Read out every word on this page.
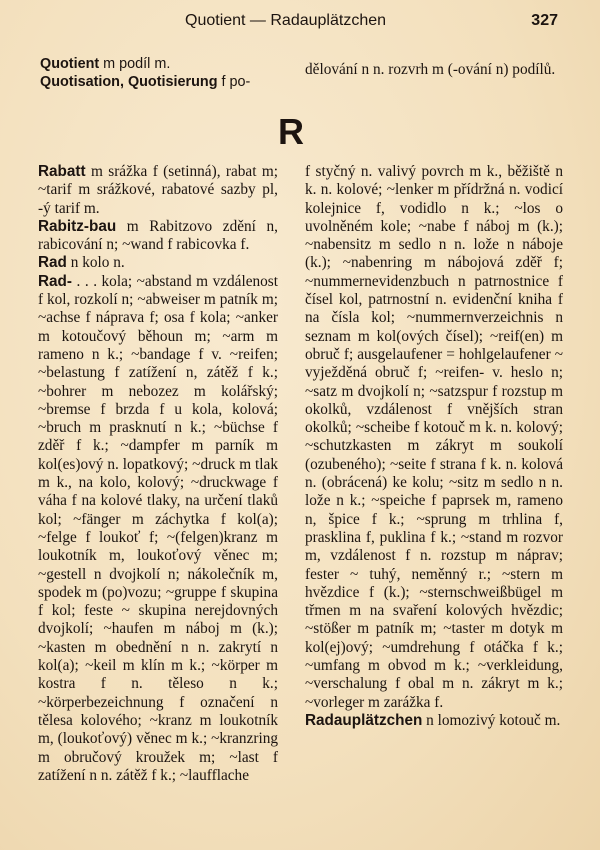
Quotient — Radauplätzchen	327

Quotient m podíl m.

Quotisation, Quotisierung f po-

dělování n n. rozvrh m (-ování n) podílů.

R

Rabatt m srážka f (setinná), rabat m; ~tarif m srážkové, rabatové sazby pl, -ý tarif m.

Rabitz-bau m Rabitzovo zdění n, rabicování n; ~wand f rabicovka f.

Rad n kolo n.

Rad- . . . kola; ~abstand m vzdálenost f kol, rozkolí n; ~abweiser m patník m; ~achse f náprava f; osa f kola; ~anker m kotoučový běhoun m; ~arm m rameno n k.; ~bandage f v. ~reifen; ~belastung f zatížení n, zátěž f k.; ~bohrer m nebozez m kolářský; ~bremse f brzda f u kola, kolová; ~bruch m prasknutí n k.; ~büchse f zděř f k.; ~dampfer m parník m kol(es)ový n. lopatkový; ~druck m tlak m k., na kolo, kolový; ~druckwage f váha f na kolové tlaky, na určení tlaků kol; ~fänger m záchytka f kol(a); ~felge f loukoť f; ~(felgen)kranz m loukotník m, loukoťový věnec m; ~gestell n dvojkolí n; nákolečník m, spodek m (po)vozu; ~gruppe f skupina f kol; feste ~ skupina nerejdovných dvojkolí; ~haufen m náboj m (k.); ~kasten m obednění n n. zakrytí n kol(a); ~keil m klín m k.; ~körper m kostra f n. těleso n k.; ~körperbezeichnung f označení n tělesa kolového; ~kranz m loukotník m, (loukoťový) věnec m k.; ~kranzring m obručový kroužek m; ~last f zatížení n n. zátěž f k.; ~laufflache

f styčný n. valivý povrch m k., běžiště n k. n. kolové; ~lenker m přídržná n. vodicí kolejnice f, vodidlo n k.; ~los o uvolněném kole; ~nabe f náboj m (k.); ~nabensitz m sedlo n n. lože n náboje (k.); ~nabenring m nábojová zděř f; ~nummernevidenzbuch n patrnostnice f čísel kol, patrnostní n. evidenční kniha f na čísla kol; ~nummernverzeichnis n seznam m kol(ových čísel); ~reif(en) m obruč f; ausgelaufener = hohlgelaufener ~ vyježděná obruč f; ~reifen- v. heslo n; ~satz m dvojkolí n; ~satzspur f rozstup m okolků, vzdálenost f vnějších stran okolků; ~scheibe f kotouč m k. n. kolový; ~schutzkasten m zákryt m soukolí (ozubeného); ~seite f strana f k. n. kolová n. (obrácená) ke kolu; ~sitz m sedlo n n. lože n k.; ~speiche f paprsek m, rameno n, špice f k.; ~sprung m trhlina f, prasklina f, puklina f k.; ~stand m rozvor m, vzdálenost f n. rozstup m náprav; fester ~ tuhý, neměnný r.; ~stern m hvězdice f (k.); ~sternschweißbügel m třmen m na svaření kolových hvězdic; ~stößer m patník m; ~taster m dotyk m kol(ej)ový; ~umdrehung f otáčka f k.; ~umfang m obvod m k.; ~verkleidung, ~verschalung f obal m n. zákryt m k.; ~vorleger m zarážka f.

Radauplätzchen n lomozivý kotouč m.
